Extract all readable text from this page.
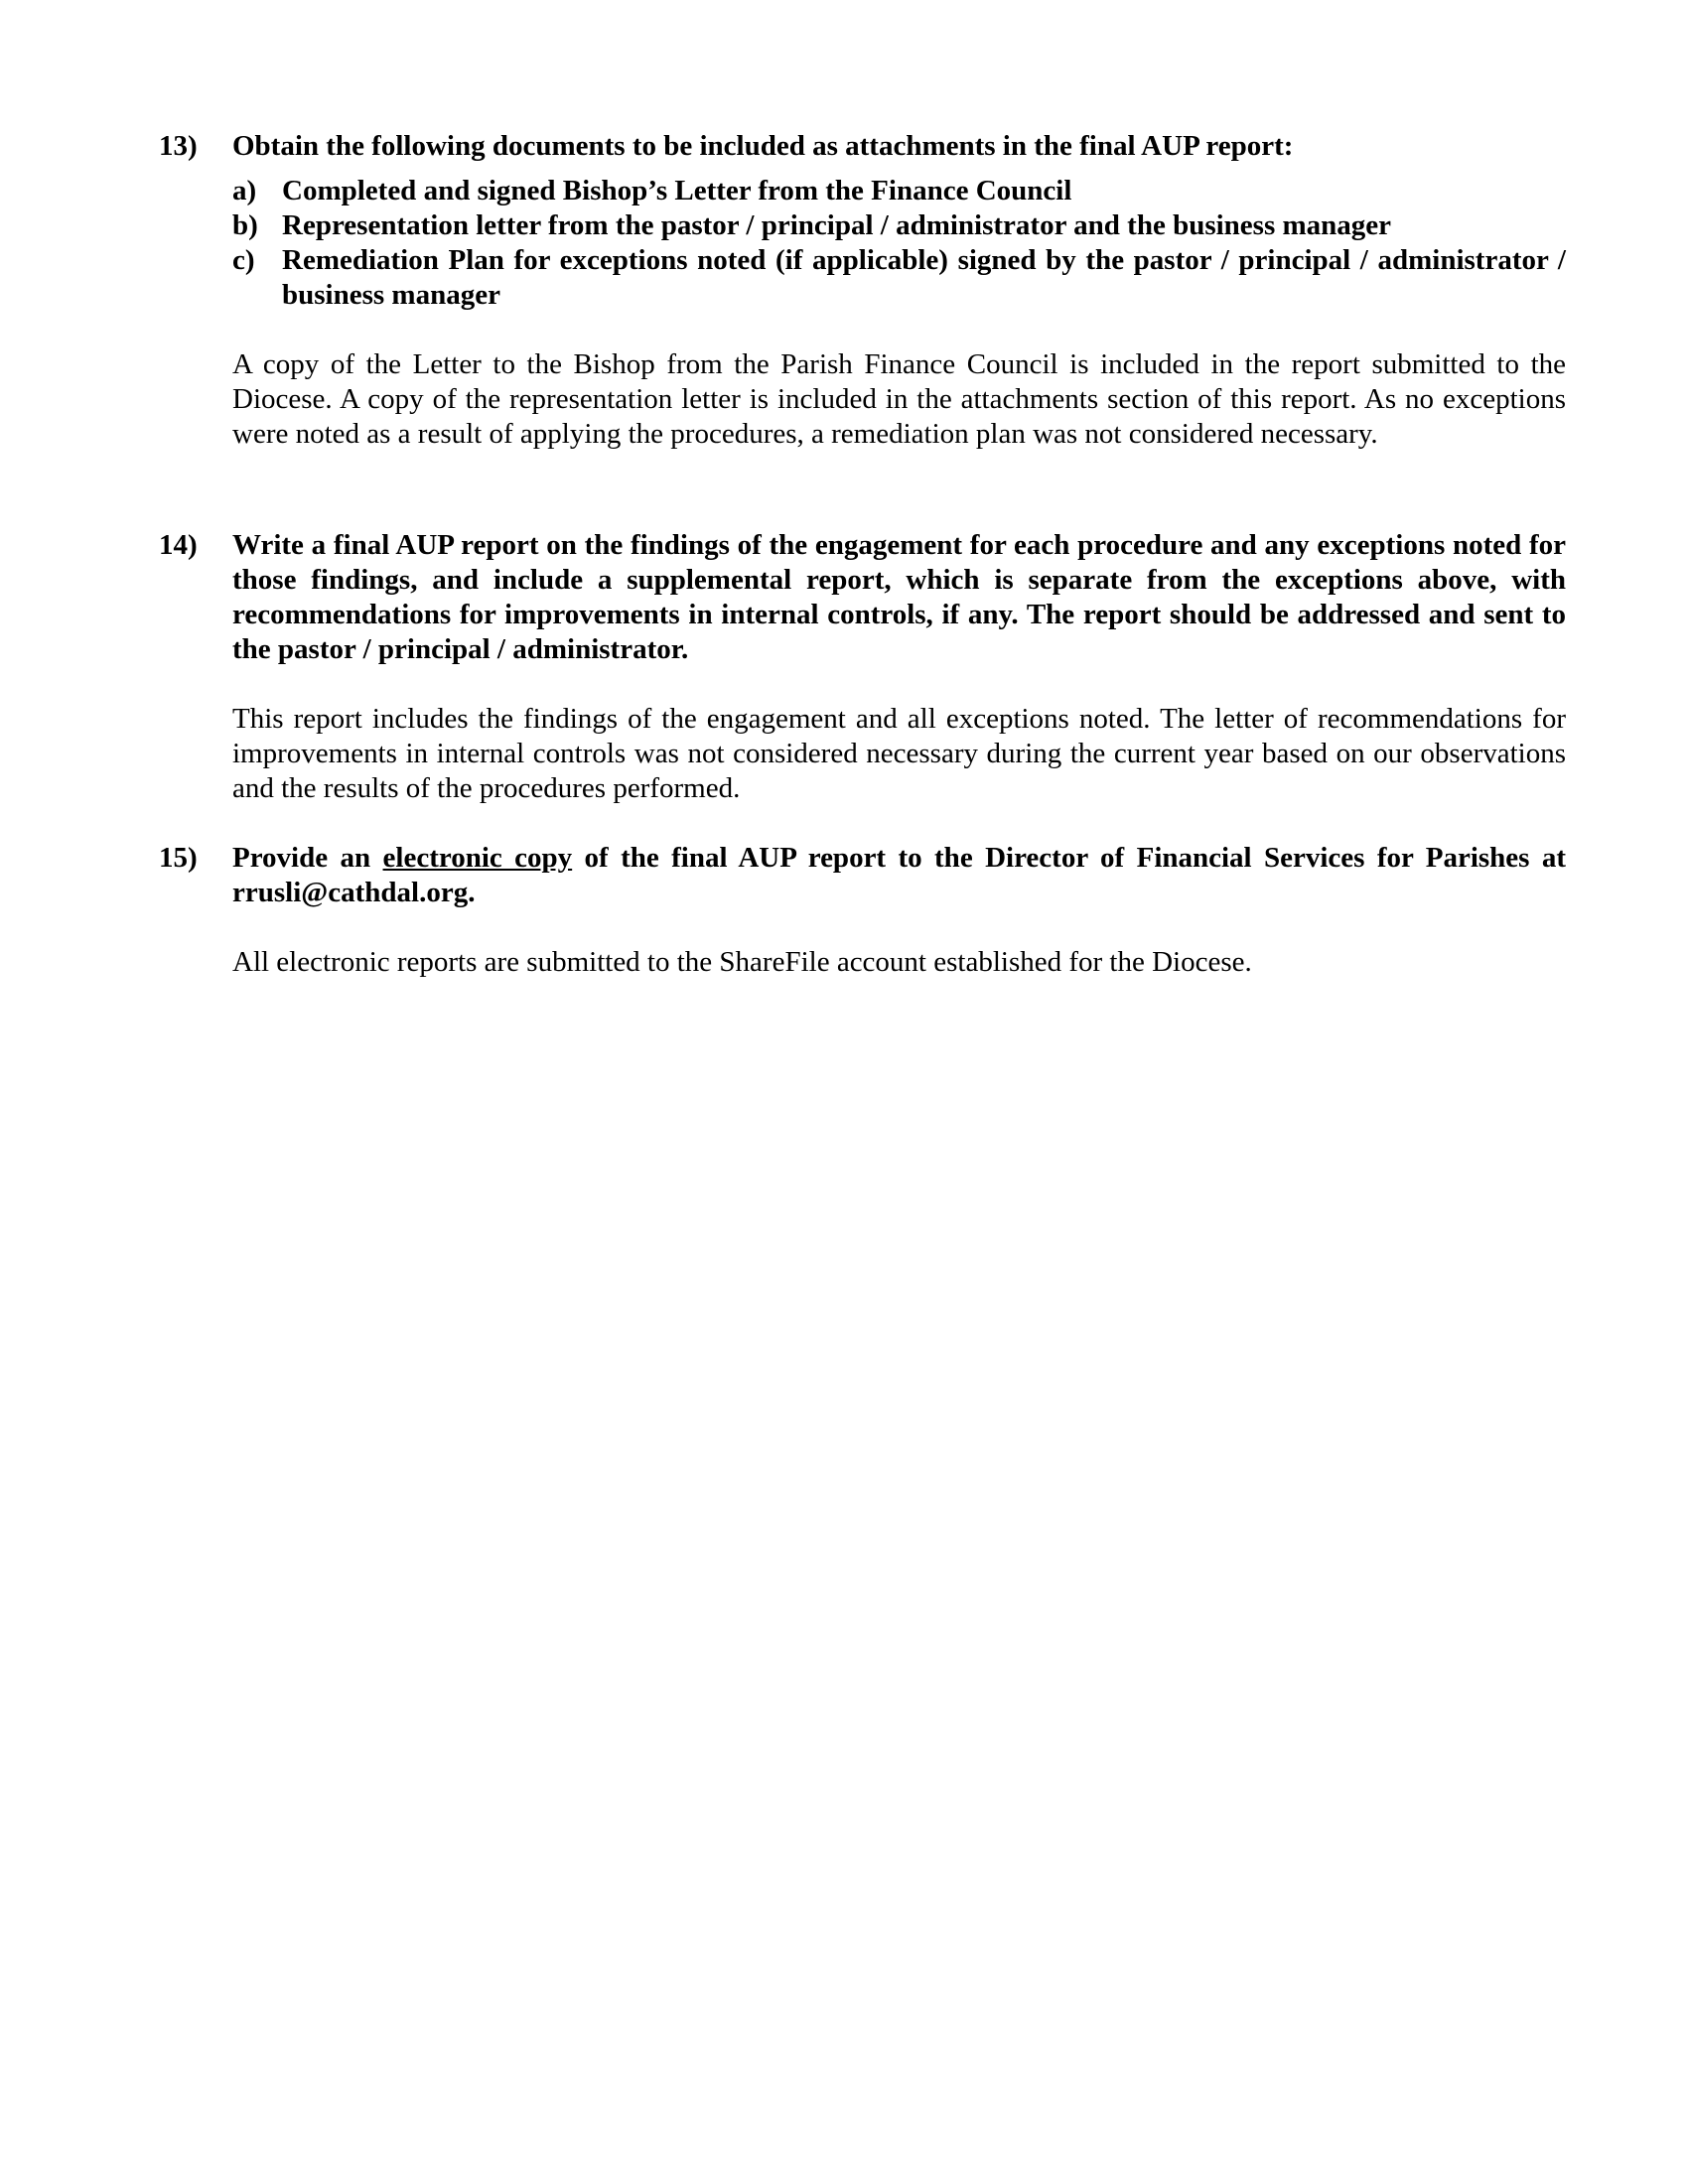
13) Obtain the following documents to be included as attachments in the final AUP report:

a) Completed and signed Bishop’s Letter from the Finance Council
b) Representation letter from the pastor / principal / administrator and the business manager
c) Remediation Plan for exceptions noted (if applicable) signed by the pastor / principal / administrator / business manager

A copy of the Letter to the Bishop from the Parish Finance Council is included in the report submitted to the Diocese. A copy of the representation letter is included in the attachments section of this report. As no exceptions were noted as a result of applying the procedures, a remediation plan was not considered necessary.

14) Write a final AUP report on the findings of the engagement for each procedure and any exceptions noted for those findings, and include a supplemental report, which is separate from the exceptions above, with recommendations for improvements in internal controls, if any. The report should be addressed and sent to the pastor / principal / administrator.

This report includes the findings of the engagement and all exceptions noted. The letter of recommendations for improvements in internal controls was not considered necessary during the current year based on our observations and the results of the procedures performed.

15) Provide an electronic copy of the final AUP report to the Director of Financial Services for Parishes at rrusli@cathdal.org.

All electronic reports are submitted to the ShareFile account established for the Diocese.
